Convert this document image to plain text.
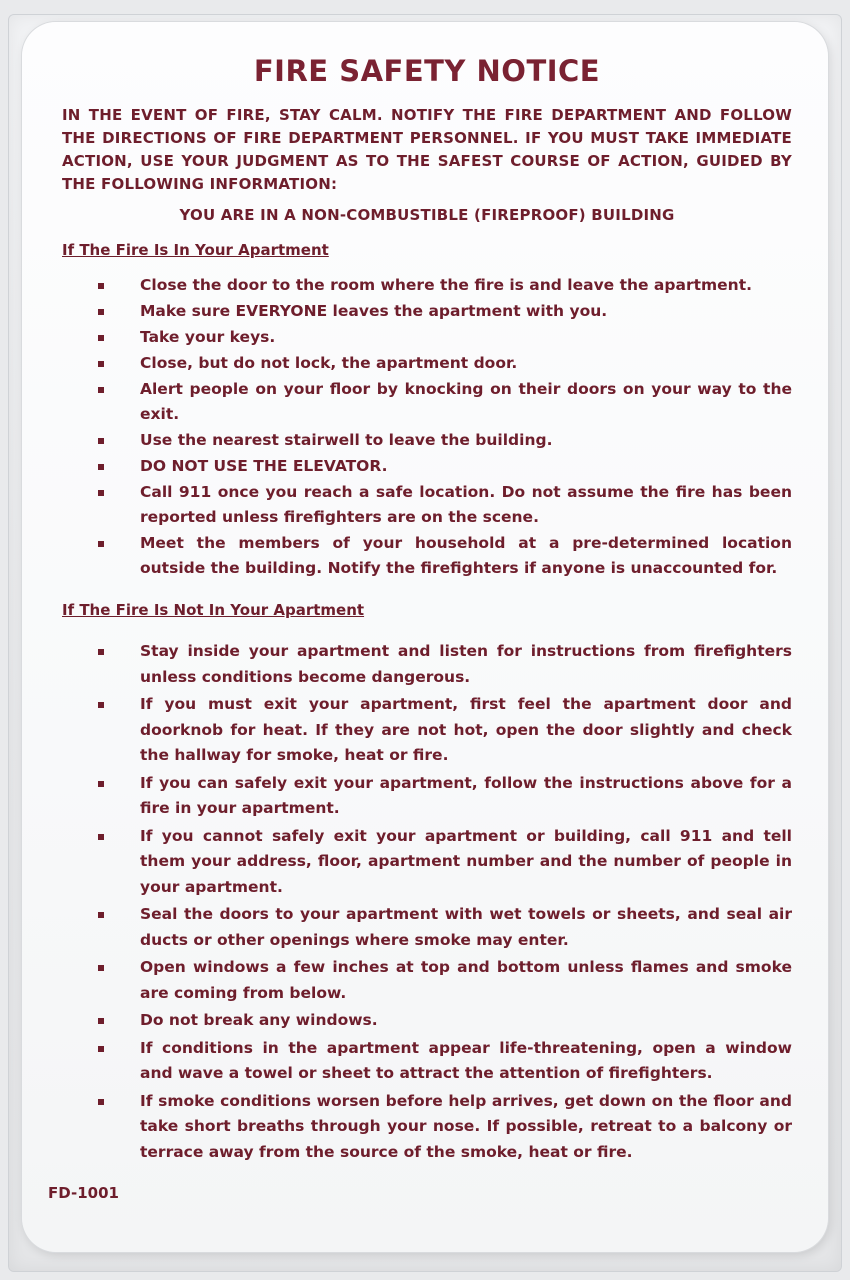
FIRE SAFETY NOTICE

IN THE EVENT OF FIRE, STAY CALM. NOTIFY THE FIRE DEPARTMENT AND FOLLOW THE DIRECTIONS OF FIRE DEPARTMENT PERSONNEL. IF YOU MUST TAKE IMMEDIATE ACTION, USE YOUR JUDGMENT AS TO THE SAFEST COURSE OF ACTION, GUIDED BY THE FOLLOWING INFORMATION:

YOU ARE IN A NON-COMBUSTIBLE (FIREPROOF) BUILDING
If The Fire Is In Your Apartment
Close the door to the room where the fire is and leave the apartment.
Make sure EVERYONE leaves the apartment with you.
Take your keys.
Close, but do not lock, the apartment door.
Alert people on your floor by knocking on their doors on your way to the exit.
Use the nearest stairwell to leave the building.
DO NOT USE THE ELEVATOR.
Call 911 once you reach a safe location. Do not assume the fire has been reported unless firefighters are on the scene.
Meet the members of your household at a pre-determined location outside the building. Notify the firefighters if anyone is unaccounted for.
If The Fire Is Not In Your Apartment
Stay inside your apartment and listen for instructions from firefighters unless conditions become dangerous.
If you must exit your apartment, first feel the apartment door and doorknob for heat. If they are not hot, open the door slightly and check the hallway for smoke, heat or fire.
If you can safely exit your apartment, follow the instructions above for a fire in your apartment.
If you cannot safely exit your apartment or building, call 911 and tell them your address, floor, apartment number and the number of people in your apartment.
Seal the doors to your apartment with wet towels or sheets, and seal air ducts or other openings where smoke may enter.
Open windows a few inches at top and bottom unless flames and smoke are coming from below.
Do not break any windows.
If conditions in the apartment appear life-threatening, open a window and wave a towel or sheet to attract the attention of firefighters.
If smoke conditions worsen before help arrives, get down on the floor and take short breaths through your nose. If possible, retreat to a balcony or terrace away from the source of the smoke, heat or fire.
FD-1001
